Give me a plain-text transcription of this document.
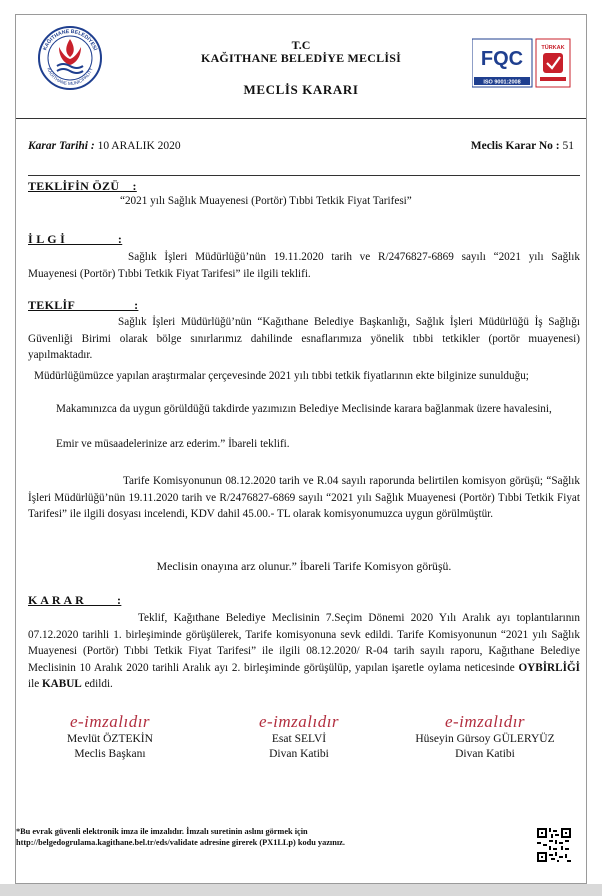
KAĞITHANE BELEDİYESİ
KAGITHANE MUNICIPALITY	FQC
ISO 9001:2008
TÜRKAK
T.C
KAĞITHANE BELEDİYE MECLİSİ
MECLİS KARARI
Karar Tarihi : 10 ARALIK 2020	Meclis Karar No : 51
TEKLİFİN ÖZÜ    :
“2021 yılı Sağlık Muayenesi (Portör) Tıbbi Tetkik Fiyat Tarifesi”
İ L G İ                :
Sağlık İşleri Müdürlüğü’nün 19.11.2020 tarih ve R/2476827-6869 sayılı “2021 yılı Sağlık Muayenesi (Portör) Tıbbi Tetkik Fiyat Tarifesi” ile ilgili teklifi.
TEKLİF                  :
Sağlık İşleri Müdürlüğü’nün “Kağıthane Belediye Başkanlığı, Sağlık İşleri Müdürlüğü İş Sağlığı Güvenliği Birimi olarak bölge sınırlarımız dahilinde esnaflarımıza yönelik tıbbi tetkikler (portör muayenesi) yapılmaktadır.
Müdürlüğümüzce yapılan araştırmalar çerçevesinde 2021 yılı tıbbi tetkik fiyatlarının ekte bilginize sunulduğu;
Makamınızca da uygun görüldüğü takdirde yazımızın Belediye Meclisinde karara bağlanmak üzere havalesini,
Emir ve müsaadelerinize arz ederim.” İbareli teklifi.
Tarife Komisyonunun 08.12.2020 tarih ve R.04 sayılı raporunda belirtilen komisyon görüşü; “Sağlık İşleri Müdürlüğü’nün 19.11.2020 tarih ve R/2476827-6869 sayılı “2021 yılı Sağlık Muayenesi (Portör) Tıbbi Tetkik Fiyat Tarifesi” ile ilgili dosyası incelendi, KDV dahil 45.00.- TL olarak komisyonumuzca uygun görülmüştür.
Meclisin onayına arz olunur.” İbareli Tarife Komisyon görüşü.
K A R A R          :
Teklif, Kağıthane Belediye Meclisinin 7.Seçim Dönemi 2020 Yılı Aralık ayı toplantılarının 07.12.2020 tarihli 1. birleşiminde görüşülerek, Tarife komisyonuna sevk edildi. Tarife Komisyonunun “2021 yılı Sağlık Muayenesi (Portör) Tıbbi Tetkik Fiyat Tarifesi” ile ilgili 08.12.2020/ R-04 tarih sayılı raporu, Kağıthane Belediye Meclisinin 10 Aralık 2020 tarihli Aralık ayı 2. birleşiminde görüşülüp, yapılan işaretle oylama neticesinde OYBİRLİĞİ ile KABUL edildi.
e-imzalıdır
Mevlüt ÖZTEKİN
Meclis Başkanı
e-imzalıdır
Esat SELVİ
Divan Katibi
e-imzalıdır
Hüseyin Gürsoy GÜLERYÜZ
Divan Katibi
*Bu evrak güvenli elektronik imza ile imzalıdır. İmzalı suretinin aslını görmek için
http://belgedogrulama.kagithane.bel.tr/eds/validate adresine girerek (PX1LLp) kodu yazınız.
